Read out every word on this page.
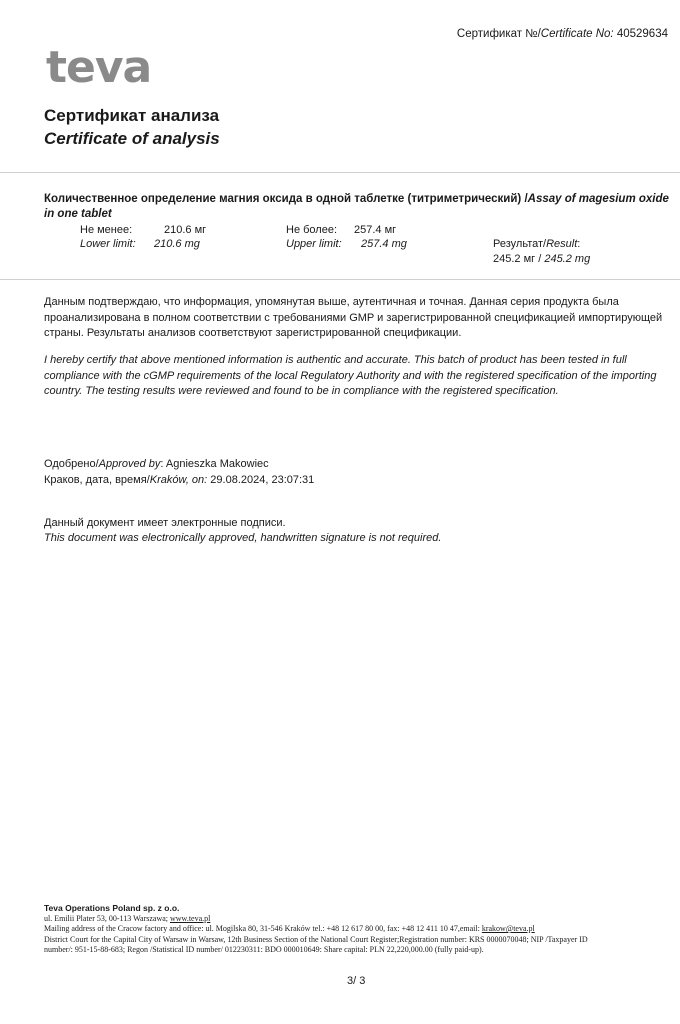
Сертификат №/Certificate No: 40529634
teva
Сертификат анализа
Certificate of analysis
Количественное определение магния оксида в одной таблетке (титриметрический) /Assay of magesium oxide in one tablet
Не менее:	210.6 мг	Не более: 257.4 мг
Lower limit: 210.6 mg	Upper limit: 257.4 mg	Результат/Result:
245.2 мг / 245.2 mg
Данным подтверждаю, что информация, упомянутая выше, аутентичная и точная. Данная серия продукта была проанализирована в полном соответствии с требованиями GMP и зарегистрированной спецификацией импортирующей страны. Результаты анализов соответствуют зарегистрированной спецификации.
I hereby certify that above mentioned information is authentic and accurate. This batch of product has been tested in full compliance with the cGMP requirements of the local Regulatory Authority and with the registered specification of the importing country. The testing results were reviewed and found to be in compliance with the registered specification.
Одобрено/Approved by: Agnieszka Makowiec
Краков, дата, время/Kraków, on: 29.08.2024, 23:07:31
Данный документ имеет электронные подписи.
This document was electronically approved, handwritten signature is not required.
Teva Operations Poland sp. z o.o.
ul. Emilii Plater 53, 00-113 Warszawa; www.teva.pl
Mailing address of the Cracow factory and office: ul. Mogilska 80, 31-546 Kraków tel.: +48 12 617 80 00, fax: +48 12 411 10 47,email: krakow@teva.pl
District Court for the Capital City of Warsaw in Warsaw, 12th Business Section of the National Court Register;Registration number: KRS 0000070048; NIP /Taxpayer ID
number/: 951-15-88-683; Regon /Statistical ID number/ 012230311: BDO 000010649: Share capital: PLN 22,220,000.00 (fully paid-up).
3/ 3
